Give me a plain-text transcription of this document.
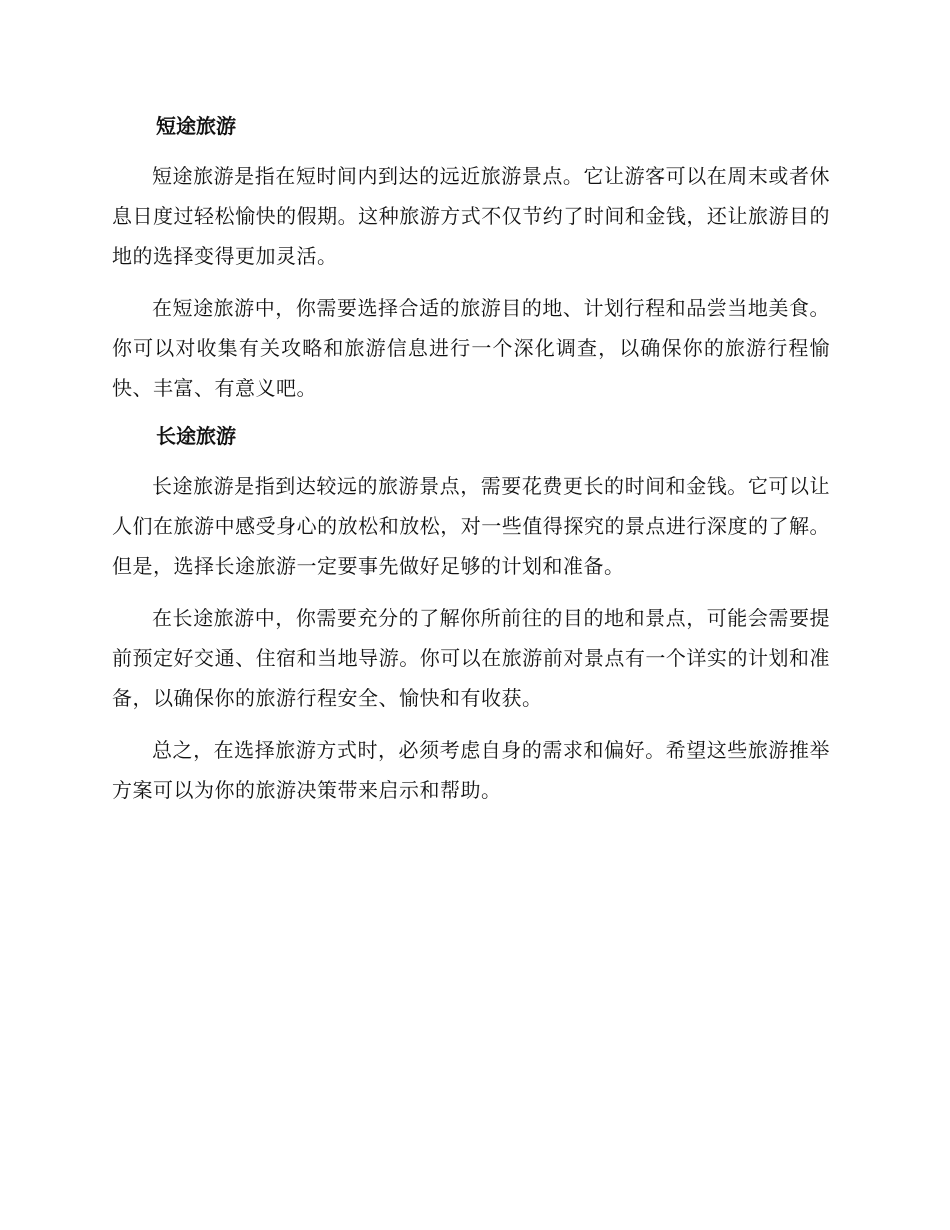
短途旅游

短途旅游是指在短时间内到达的远近旅游景点。它让游客可以在周末或者休息日度过轻松愉快的假期。这种旅游方式不仅节约了时间和金钱，还让旅游目的地的选择变得更加灵活。

在短途旅游中，你需要选择合适的旅游目的地、计划行程和品尝当地美食。你可以对收集有关攻略和旅游信息进行一个深化调查，以确保你的旅游行程愉快、丰富、有意义吧。

长途旅游

长途旅游是指到达较远的旅游景点，需要花费更长的时间和金钱。它可以让人们在旅游中感受身心的放松和放松，对一些值得探究的景点进行深度的了解。但是，选择长途旅游一定要事先做好足够的计划和准备。

在长途旅游中，你需要充分的了解你所前往的目的地和景点，可能会需要提前预定好交通、住宿和当地导游。你可以在旅游前对景点有一个详实的计划和准备，以确保你的旅游行程安全、愉快和有收获。

总之，在选择旅游方式时，必须考虑自身的需求和偏好。希望这些旅游推举方案可以为你的旅游决策带来启示和帮助。
